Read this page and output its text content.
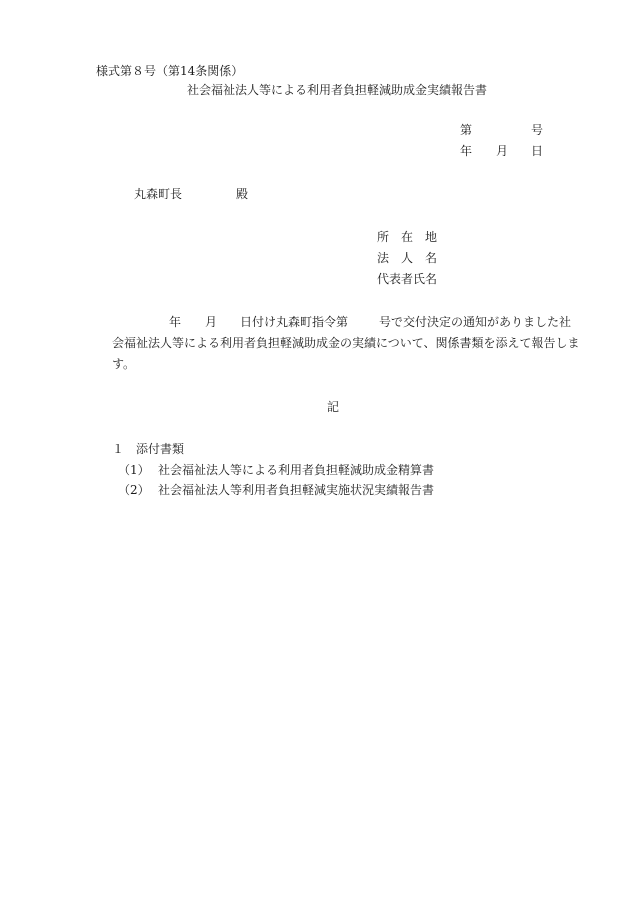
様式第８号（第14条関係）
社会福祉法人等による利用者負担軽減助成金実績報告書
第	号
年 月 日
丸森町長	殿
所　在　地
法　人　名
代表者氏名
年 月 日付け丸森町指令第	号で交付決定の通知がありました社
会福祉法人等による利用者負担軽減助成金の実績について、関係書類を添えて報告しま
す。
記
１　添付書類
（1） 社会福祉法人等による利用者負担軽減助成金精算書
（2） 社会福祉法人等利用者負担軽減実施状況実績報告書
